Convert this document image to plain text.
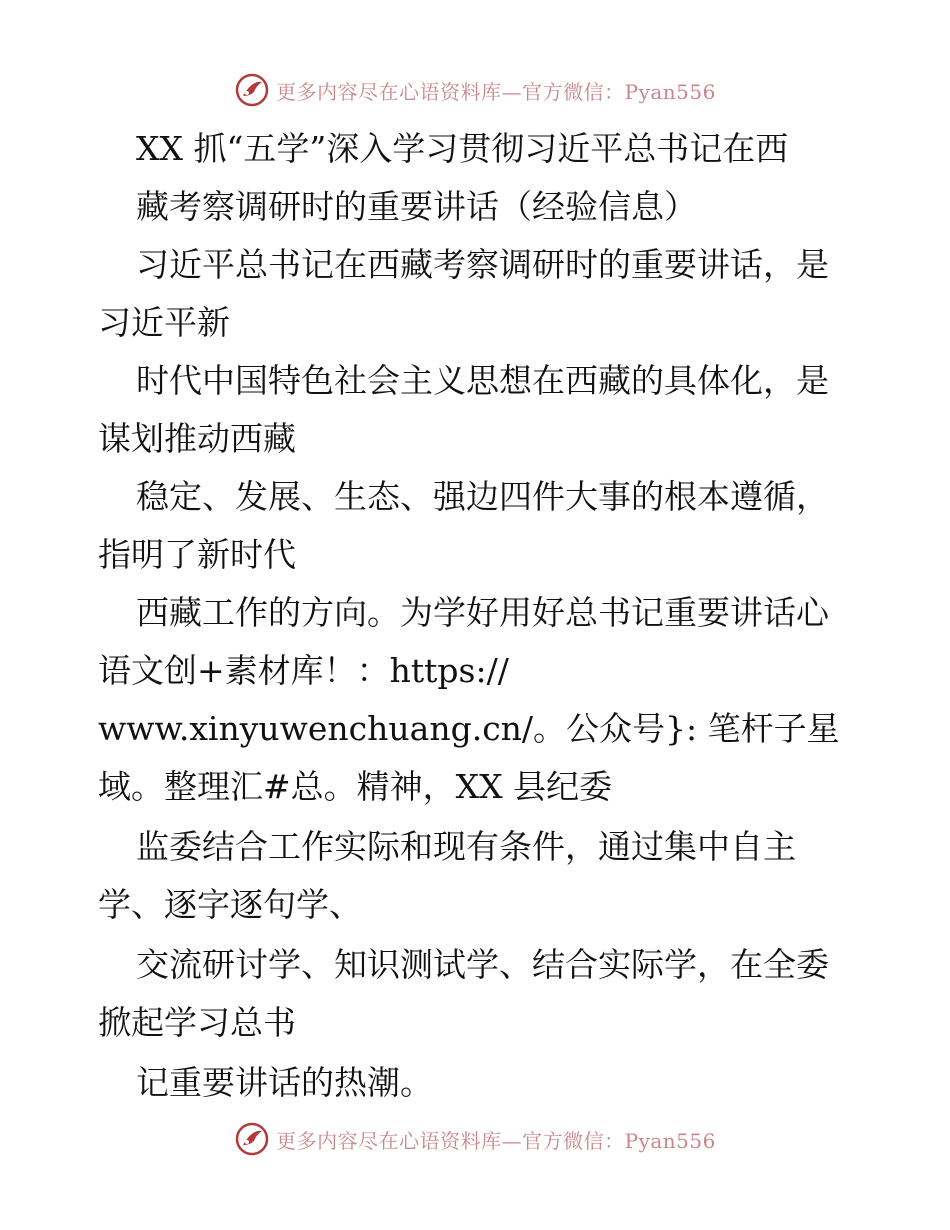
更多内容尽在心语资料库—官方微信：Pyan556
XX 抓“五学”深入学习贯彻习近平总书记在西
藏考察调研时的重要讲话（经验信息）
习近平总书记在西藏考察调研时的重要讲话，是
习近平新
时代中国特色社会主义思想在西藏的具体化，是
谋划推动西藏
稳定、发展、生态、强边四件大事的根本遵循，
指明了新时代
西藏工作的方向。为学好用好总书记重要讲话心
语文创+素材库！：https://
www.xinyuwenchuang.cn/。公众号}: 笔杆子星
域。整理汇#总。精神，XX 县纪委
监委结合工作实际和现有条件，通过集中自主
学、逐字逐句学、
交流研讨学、知识测试学、结合实际学，在全委
掀起学习总书
记重要讲话的热潮。
更多内容尽在心语资料库—官方微信：Pyan556
